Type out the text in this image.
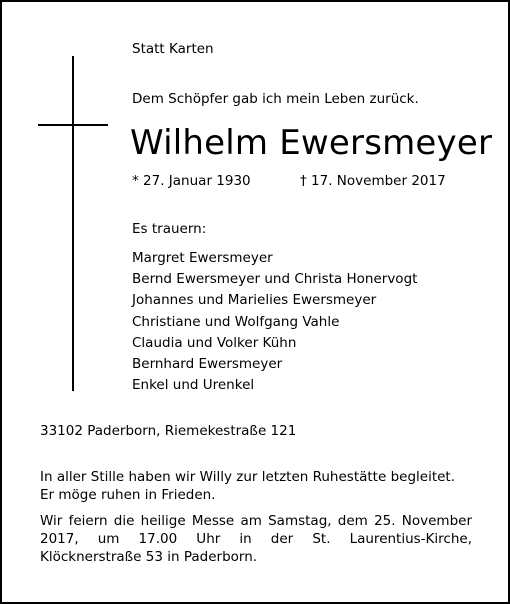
Statt Karten
Dem Schöpfer gab ich mein Leben zurück.
Wilhelm Ewersmeyer
* 27. Januar 1930	† 17. November 2017
Es trauern:
Margret Ewersmeyer
Bernd Ewersmeyer und Christa Honervogt
Johannes und Marielies Ewersmeyer
Christiane und Wolfgang Vahle
Claudia und Volker Kühn
Bernhard Ewersmeyer
Enkel und Urenkel
33102 Paderborn, Riemekestraße 121
In aller Stille haben wir Willy zur letzten Ruhestätte begleitet.
Er möge ruhen in Frieden.
Wir feiern die heilige Messe am Samstag, dem 25. November 2017, um 17.00 Uhr in der St. Laurentius-Kirche, Klöcknerstraße 53 in Paderborn.
